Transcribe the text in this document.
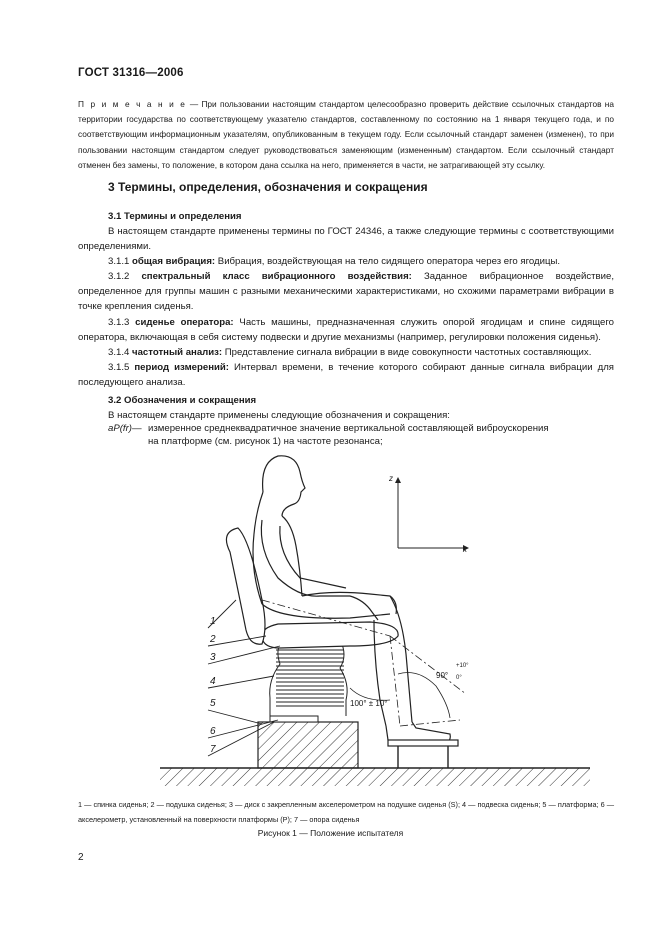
ГОСТ 31316—2006
П р и м е ч а н и е — При пользовании настоящим стандартом целесообразно проверить действие ссылочных стандартов на территории государства по соответствующему указателю стандартов, составленному по состоянию на 1 января текущего года, и по соответствующим информационным указателям, опубликованным в текущем году. Если ссылочный стандарт заменен (изменен), то при пользовании настоящим стандартом следует руководствоваться заменяющим (измененным) стандартом. Если ссылочный стандарт отменен без замены, то положение, в котором дана ссылка на него, применяется в части, не затрагивающей эту ссылку.
3 Термины, определения, обозначения и сокращения
3.1 Термины и определения
В настоящем стандарте применены термины по ГОСТ 24346, а также следующие термины с соответствующими определениями.
3.1.1 общая вибрация: Вибрация, воздействующая на тело сидящего оператора через его ягодицы.
3.1.2 спектральный класс вибрационного воздействия: Заданное вибрационное воздействие, определенное для группы машин с разными механическими характеристиками, но схожими параметрами вибрации в точке крепления сиденья.
3.1.3 сиденье оператора: Часть машины, предназначенная служить опорой ягодицам и спине сидящего оператора, включающая в себя систему подвески и другие механизмы (например, регулировки положения сиденья).
3.1.4 частотный анализ: Представление сигнала вибрации в виде совокупности частотных составляющих.
3.1.5 период измерений: Интервал времени, в течение которого собирают данные сигнала вибрации для последующего анализа.
3.2 Обозначения и сокращения
В настоящем стандарте применены следующие обозначения и сокращения:
aP(fr)— измеренное среднеквадратичное значение вертикальной составляющей виброускорения
на платформе (см. рисунок 1) на частоте резонанса;
1
2
3
4
5
6
7
z
x
100° ± 10°
90°
+10°
0°
1 — спинка сиденья; 2 — подушка сиденья; 3 — диск с закрепленным акселерометром на подушке сиденья (S); 4 — подвеска сиденья; 5 — платформа; 6 — акселерометр, установленный на поверхности платформы (P); 7 — опора сиденья
Рисунок 1 — Положение испытателя
2
